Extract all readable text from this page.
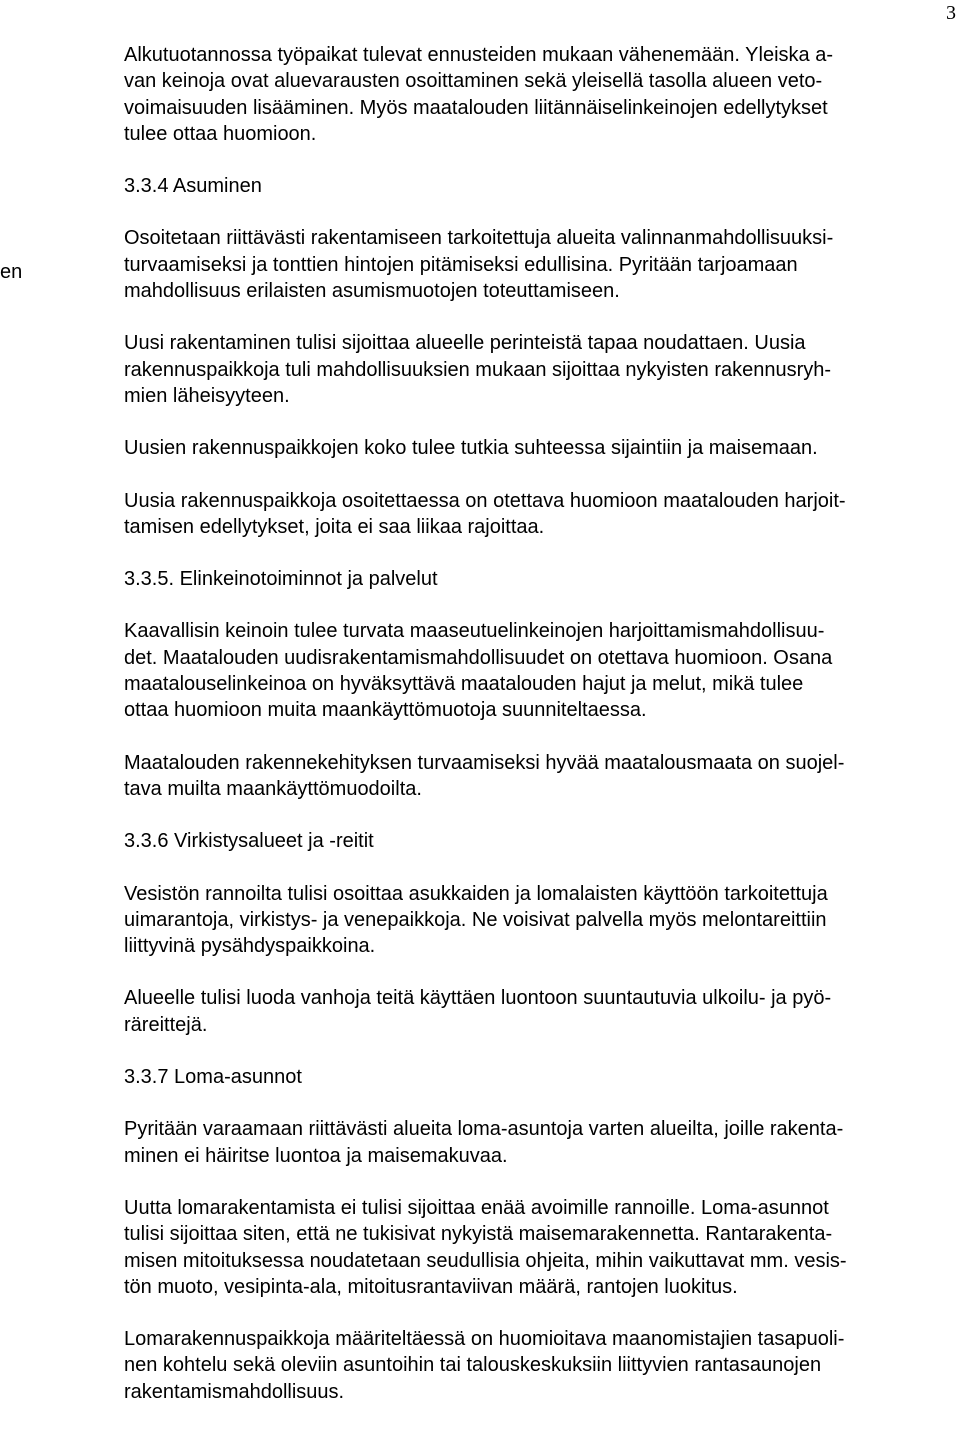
3
en

Alkutuotannossa työpaikat tulevat ennusteiden mukaan vähenemään. Yleiska a-
van keinoja ovat aluevarausten osoittaminen sekä yleisellä tasolla alueen veto-
voimaisuuden lisääminen. Myös maatalouden liitännäiselinkeinojen edellytykset
tulee ottaa huomioon.

3.3.4 Asuminen

Osoitetaan riittävästi rakentamiseen tarkoitettuja alueita valinnanmahdollisuuksi-
turvaamiseksi ja tonttien hintojen pitämiseksi edullisina. Pyritään tarjoamaan
mahdollisuus erilaisten asumismuotojen toteuttamiseen.

Uusi rakentaminen tulisi sijoittaa alueelle perinteistä tapaa noudattaen. Uusia
rakennuspaikkoja tuli mahdollisuuksien mukaan sijoittaa nykyisten rakennusryh-
mien läheisyyteen.

Uusien rakennuspaikkojen koko tulee tutkia suhteessa sijaintiin ja maisemaan.

Uusia rakennuspaikkoja osoitettaessa on otettava huomioon maatalouden harjoit-
tamisen edellytykset, joita ei saa liikaa rajoittaa.

3.3.5. Elinkeinotoiminnot ja palvelut

Kaavallisin keinoin tulee turvata maaseutuelinkeinojen harjoittamismahdollisuu-
det. Maatalouden uudisrakentamismahdollisuudet on otettava huomioon. Osana
maatalouselinkeinoa on hyväksyttävä maatalouden hajut ja melut, mikä tulee
ottaa huomioon muita maankäyttömuotoja suunniteltaessa.

Maatalouden rakennekehityksen turvaamiseksi hyvää maatalousmaata on suojel-
tava muilta maankäyttömuodoilta.

3.3.6 Virkistysalueet ja -reitit

Vesistön rannoilta tulisi osoittaa asukkaiden ja lomalaisten käyttöön tarkoitettuja
uimarantoja, virkistys- ja venepaikkoja. Ne voisivat palvella myös melontareittiin
liittyvinä pysähdyspaikkoina.

Alueelle tulisi luoda vanhoja teitä käyttäen luontoon suuntautuvia ulkoilu- ja pyö-
räreittejä.

3.3.7 Loma-asunnot

Pyritään varaamaan riittävästi alueita loma-asuntoja varten alueilta, joille rakenta-
minen ei häiritse luontoa ja maisemakuvaa.

Uutta lomarakentamista ei tulisi sijoittaa enää avoimille rannoille. Loma-asunnot
tulisi sijoittaa siten, että ne tukisivat nykyistä maisemarakennetta. Rantarakenta-
misen mitoituksessa noudatetaan seudullisia ohjeita, mihin vaikuttavat mm. vesis-
tön muoto, vesipinta-ala, mitoitusrantaviivan määrä, rantojen luokitus.

Lomarakennuspaikkoja määriteltäessä on huomioitava maanomistajien tasapuoli-
nen kohtelu sekä oleviin asuntoihin tai talouskeskuksiin liittyvien rantasaunojen
rakentamismahdollisuus.
